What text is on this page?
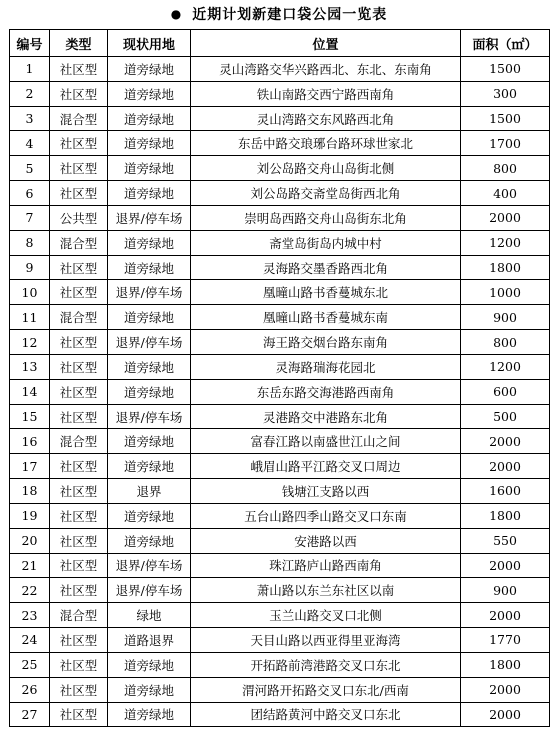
● 近期计划新建口袋公园一览表
编号	类型	现状用地	位置	面积（㎡）
1	社区型	道旁绿地	灵山湾路交华兴路西北、东北、东南角	1500
2	社区型	道旁绿地	铁山南路交西宁路西南角	300
3	混合型	道旁绿地	灵山湾路交东风路西北角	1500
4	社区型	道旁绿地	东岳中路交琅琊台路环球世家北	1700
5	社区型	道旁绿地	刘公岛路交舟山岛街北侧	800
6	社区型	道旁绿地	刘公岛路交斋堂岛街西北角	400
7	公共型	退界/停车场	崇明岛西路交舟山岛街东北角	2000
8	混合型	道旁绿地	斋堂岛街岛内城中村	1200
9	社区型	道旁绿地	灵海路交墨香路西北角	1800
10	社区型	退界/停车场	凰曈山路书香蔓城东北	1000
11	混合型	道旁绿地	凰曈山路书香蔓城东南	900
12	社区型	退界/停车场	海王路交烟台路东南角	800
13	社区型	道旁绿地	灵海路瑞海花园北	1200
14	社区型	道旁绿地	东岳东路交海港路西南角	600
15	社区型	退界/停车场	灵港路交中港路东北角	500
16	混合型	道旁绿地	富春江路以南盛世江山之间	2000
17	社区型	道旁绿地	峨眉山路平江路交叉口周边	2000
18	社区型	退界	钱塘江支路以西	1600
19	社区型	道旁绿地	五台山路四季山路交叉口东南	1800
20	社区型	道旁绿地	安港路以西	550
21	社区型	退界/停车场	珠江路庐山路西南角	2000
22	社区型	退界/停车场	萧山路以东兰东社区以南	900
23	混合型	绿地	玉兰山路交叉口北侧	2000
24	社区型	道路退界	天目山路以西亚得里亚海湾	1770
25	社区型	道旁绿地	开拓路前湾港路交叉口东北	1800
26	社区型	道旁绿地	渭河路开拓路交叉口东北/西南	2000
27	社区型	道旁绿地	团结路黄河中路交叉口东北	2000
